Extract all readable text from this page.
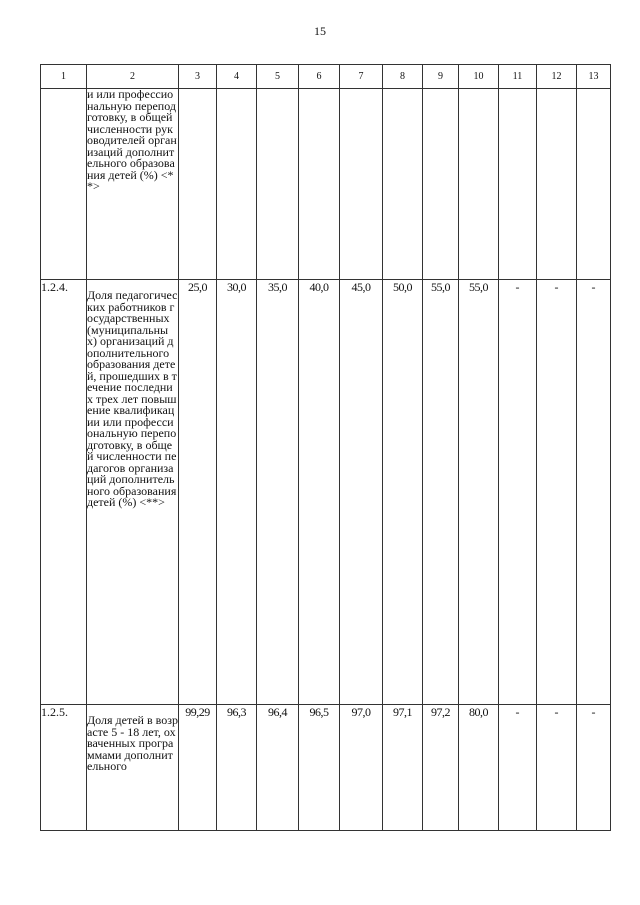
15
1	2	3	4	5	6	7	8	9	10	11	12	13
	и или профессиональную переподготовку, в общей численности руководителей организаций дополнительного образования детей (%) <**>											
1.2.4.	Доля педагогических работников государственных (муниципальных) организаций дополнительного образования детей, прошедших в течение последних трех лет повышение квалификации или профессиональную переподготовку, в общей численности педагогов организаций дополнительного образования детей (%) <**>	25,0	30,0	35,0	40,0	45,0	50,0	55,0	55,0	-	-	-
1.2.5.	Доля детей в возрасте 5 - 18 лет, охваченных программами дополнительного	99,29	96,3	96,4	96,5	97,0	97,1	97,2	80,0	-	-	-
